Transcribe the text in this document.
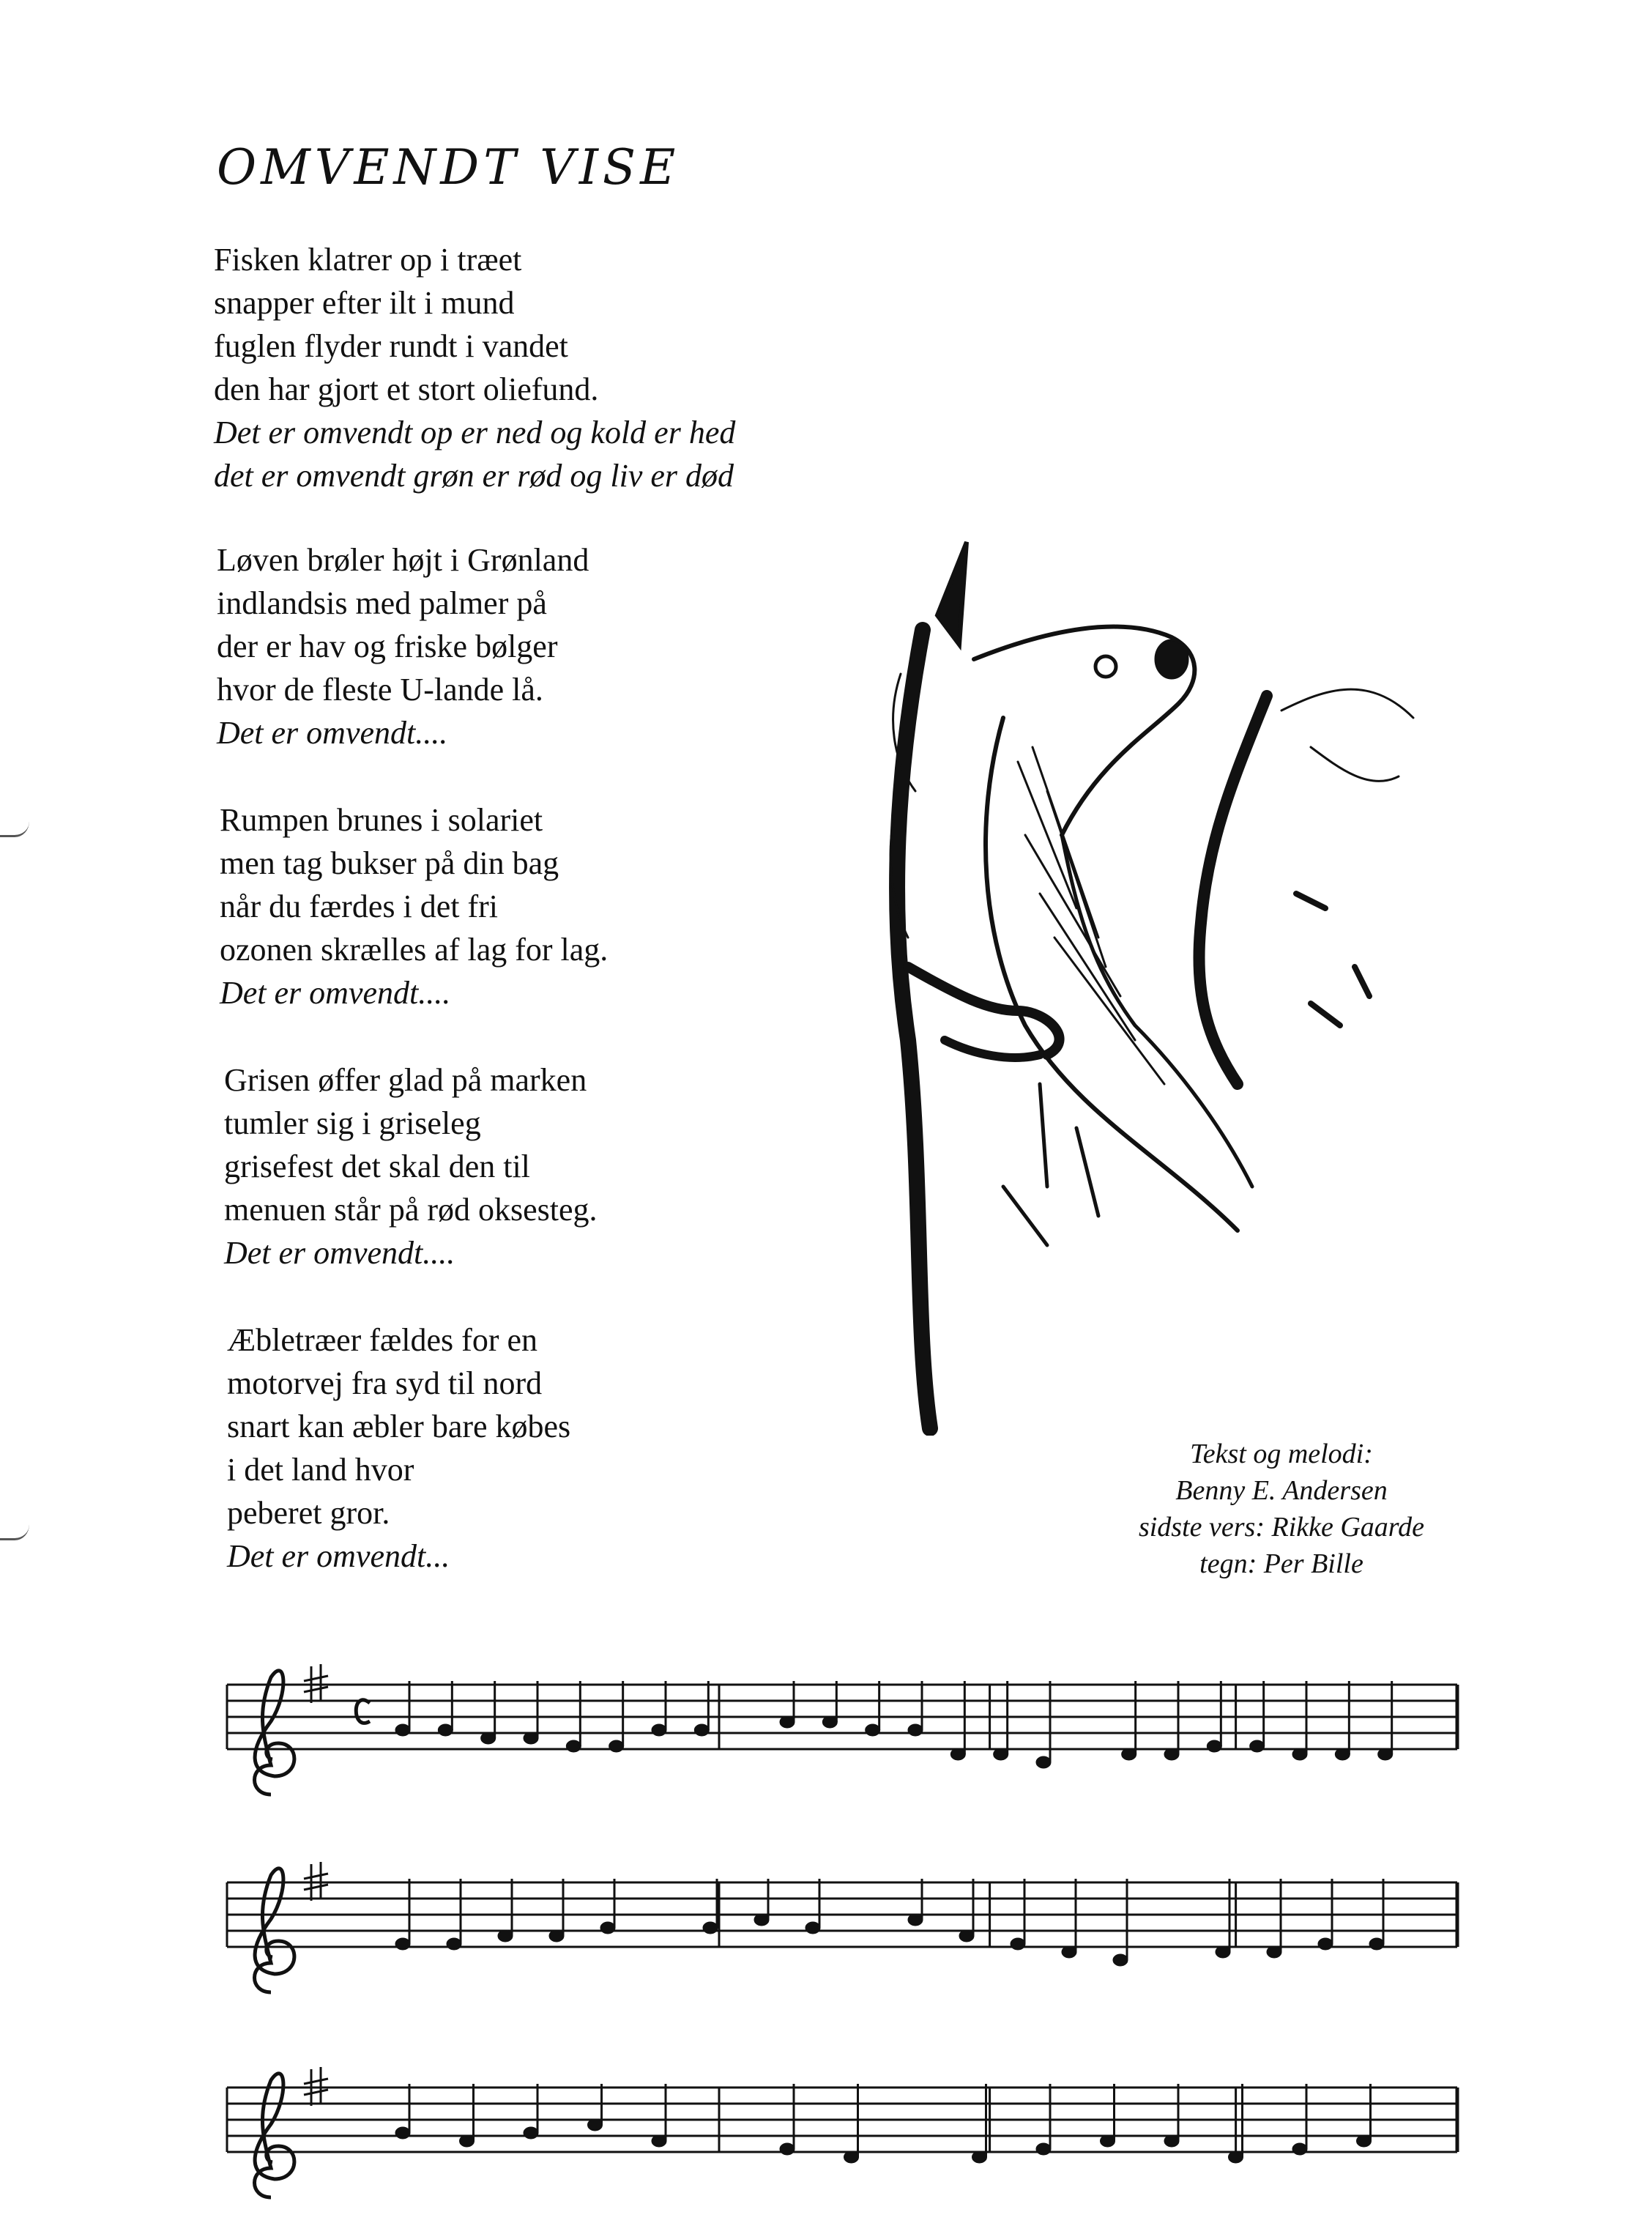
OMVENDT VISE
Fisken klatrer op i træet
snapper efter ilt i mund
fuglen flyder rundt i vandet
den har gjort et stort oliefund.
Det er omvendt op er ned og kold er hed
det er omvendt grøn er rød og liv er død
Løven brøler højt i Grønland
indlandsis med palmer på
der er hav og friske bølger
hvor de fleste U-lande lå.
Det er omvendt....
Rumpen brunes i solariet
men tag bukser på din bag
når du færdes i det fri
ozonen skrælles af lag for lag.
Det er omvendt....
Grisen øffer glad på marken
tumler sig i griseleg
grisefest det skal den til
menuen står på rød oksesteg.
Det er omvendt....
Æbletræer fældes for en
motorvej fra syd til nord
snart kan æbler bare købes
i det land hvor
peberet gror.
Det er omvendt...
Tekst og melodi:
Benny E. Andersen
sidste vers: Rikke Gaarde
tegn: Per Bille
